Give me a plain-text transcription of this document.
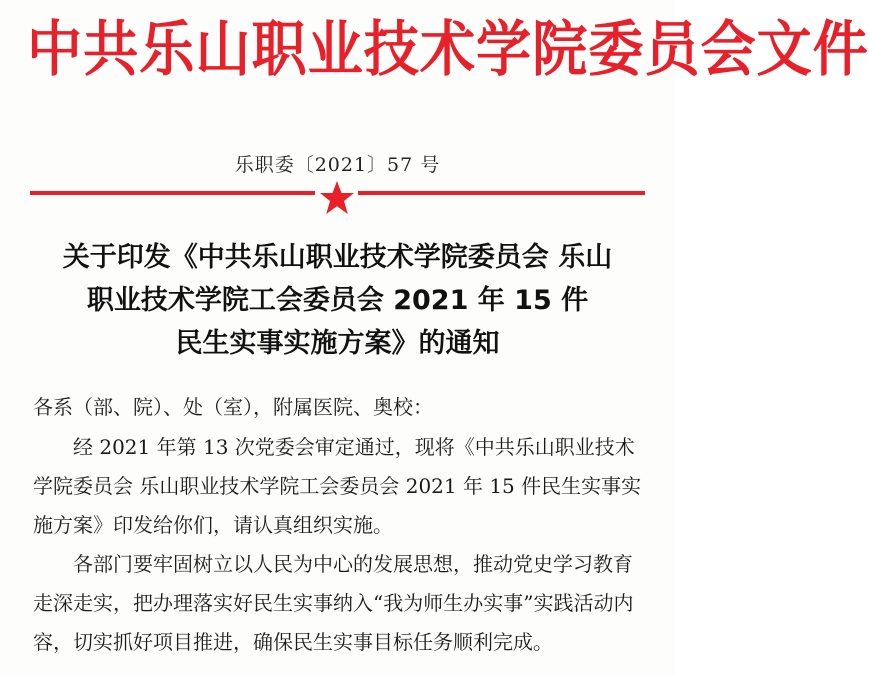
中共乐山职业技术学院委员会文件
乐职委〔2021〕57 号
关于印发《中共乐山职业技术学院委员会 乐山
职业技术学院工会委员会 2021 年 15 件
民生实事实施方案》的通知

各系（部、院）、处（室），附属医院、奥校：

经 2021 年第 13 次党委会审定通过，现将《中共乐山职业技术学院委员会 乐山职业技术学院工会委员会 2021 年 15 件民生实事实施方案》印发给你们，请认真组织实施。

各部门要牢固树立以人民为中心的发展思想，推动党史学习教育走深走实，把办理落实好民生实事纳入“我为师生办实事”实践活动内容，切实抓好项目推进，确保民生实事目标任务顺利完成。
